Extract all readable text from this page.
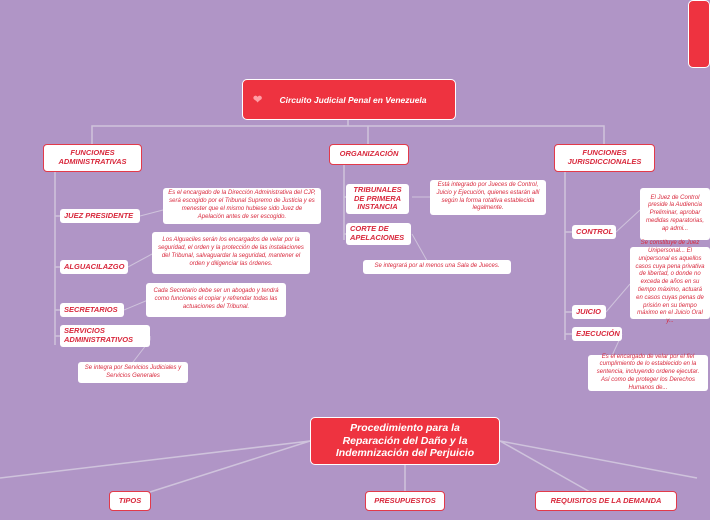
❤	Circuito Judicial Penal en Venezuela
FUNCIONES ADMINISTRATIVAS
ORGANIZACIÓN	FUNCIONES JURISDICCIONALES
JUEZ PRESIDENTE
Es el encargado de la Dirección Administrativa del CJP, será escogido por el Tribunal Supremo de Justicia y es menester que el mismo hubiese sido Juez de Apelación antes de ser escogido.
ALGUACILAZGO
Los Alguaciles serán los encargados de velar por la seguridad, el orden y la protección de las instalaciones del Tribunal, salvaguardar la seguridad, mantener el orden y diligenciar las órdenes.
SECRETARIOS
Cada Secretario debe ser un abogado y tendrá como funciones el copiar y refrendar todas las actuaciones del Tribunal.
SERVICIOS ADMINISTRATIVOS
Se integra por Servicios Judiciales y Servicios Generales
TRIBUNALES DE PRIMERA INSTANCIA
Está integrado por Jueces de Control, Juicio y Ejecución, quienes estarán allí según la forma rotativa establecida legalmente.
CORTE DE APELACIONES
Se integrará por al menos una Sala de Jueces.
CONTROL
El Juez de Control preside la Audiencia Preliminar, aprobar medidas reparatorias, ap admi...
Se constituye de Juez Unipersonal... El unipersonal es aquellos casos cuya pena privativa de libertad, o donde no exceda de años en su tiempo máximo, actuará en casos cuyas penas de prisión en su tiempo máximo en el Juicio Oral y...
JUICIO
EJECUCIÓN
Es el encargado de velar por el fiel cumplimiento de lo establecido en la sentencia, incluyendo ordene ejecutar. Así como de proteger los Derechos Humanos de...
Procedimiento para la Reparación del Daño y la Indemnización del Perjuicio
TIPOS	PRESUPUESTOS	REQUISITOS DE LA DEMANDA
